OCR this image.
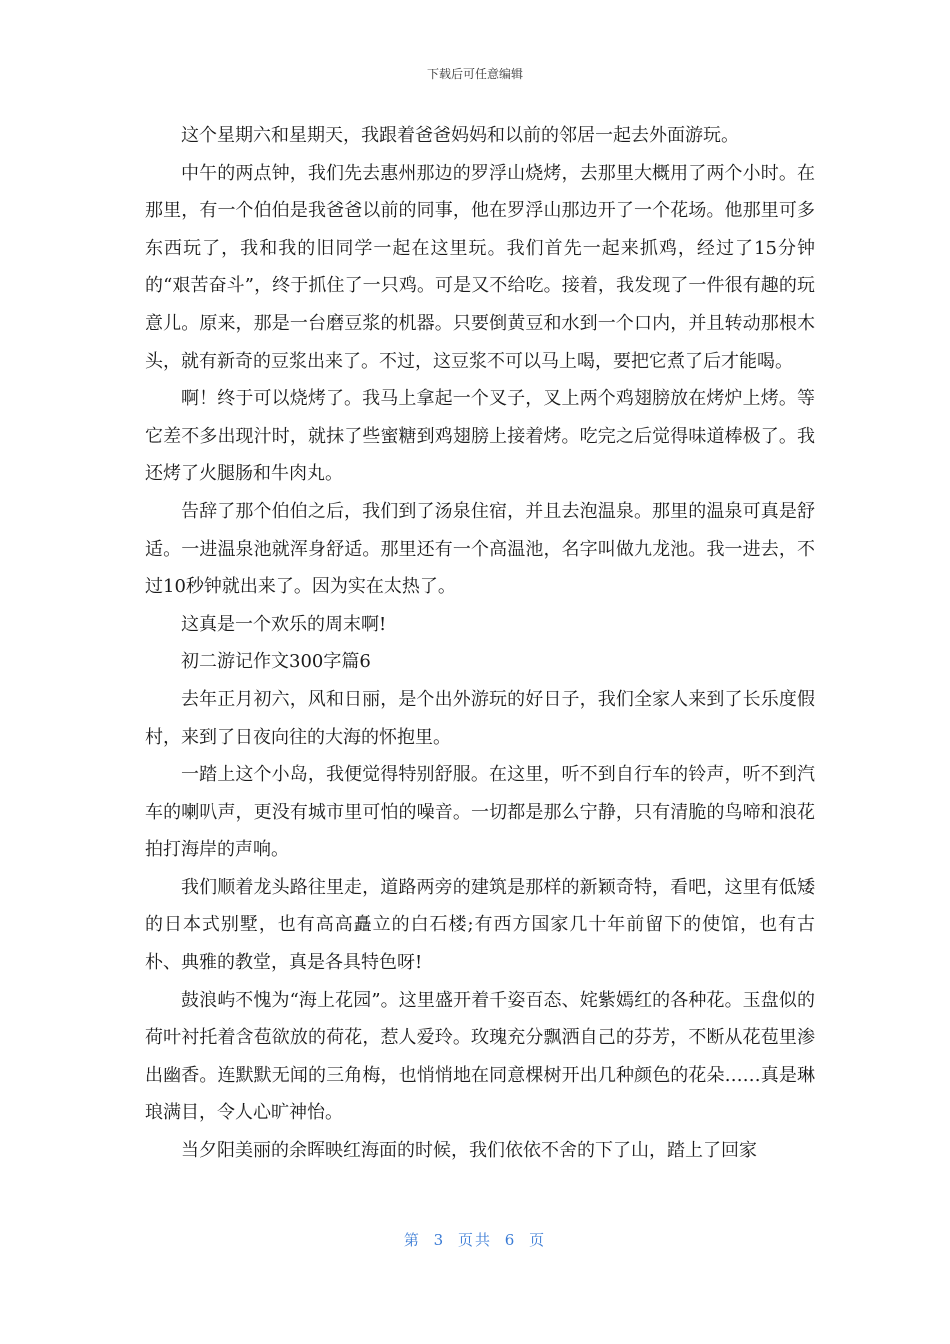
下载后可任意编辑

这个星期六和星期天，我跟着爸爸妈妈和以前的邻居一起去外面游玩。

中午的两点钟，我们先去惠州那边的罗浮山烧烤，去那里大概用了两个小时。在那里，有一个伯伯是我爸爸以前的同事，他在罗浮山那边开了一个花场。他那里可多东西玩了，我和我的旧同学一起在这里玩。我们首先一起来抓鸡，经过了15分钟的“艰苦奋斗”，终于抓住了一只鸡。可是又不给吃。接着，我发现了一件很有趣的玩意儿。原来，那是一台磨豆浆的机器。只要倒黄豆和水到一个口内，并且转动那根木头，就有新奇的豆浆出来了。不过，这豆浆不可以马上喝，要把它煮了后才能喝。

啊！终于可以烧烤了。我马上拿起一个叉子，叉上两个鸡翅膀放在烤炉上烤。等它差不多出现汁时，就抹了些蜜糖到鸡翅膀上接着烤。吃完之后觉得味道棒极了。我还烤了火腿肠和牛肉丸。

告辞了那个伯伯之后，我们到了汤泉住宿，并且去泡温泉。那里的温泉可真是舒适。一进温泉池就浑身舒适。那里还有一个高温池，名字叫做九龙池。我一进去，不过10秒钟就出来了。因为实在太热了。

这真是一个欢乐的周末啊!

初二游记作文300字篇6

去年正月初六，风和日丽，是个出外游玩的好日子，我们全家人来到了长乐度假村，来到了日夜向往的大海的怀抱里。

一踏上这个小岛，我便觉得特别舒服。在这里，听不到自行车的铃声，听不到汽车的喇叭声，更没有城市里可怕的噪音。一切都是那么宁静，只有清脆的鸟啼和浪花拍打海岸的声响。

我们顺着龙头路往里走，道路两旁的建筑是那样的新颖奇特，看吧，这里有低矮的日本式别墅，也有高高矗立的白石楼;有西方国家几十年前留下的使馆，也有古朴、典雅的教堂，真是各具特色呀!

鼓浪屿不愧为“海上花园”。这里盛开着千姿百态、姹紫嫣红的各种花。玉盘似的荷叶衬托着含苞欲放的荷花，惹人爱玲。玫瑰充分飘洒自己的芬芳，不断从花苞里渗出幽香。连默默无闻的三角梅，也悄悄地在同意棵树开出几种颜色的花朵……真是琳琅满目，令人心旷神怡。

当夕阳美丽的余晖映红海面的时候，我们依依不舍的下了山，踏上了回家

第 3 页共 6 页
